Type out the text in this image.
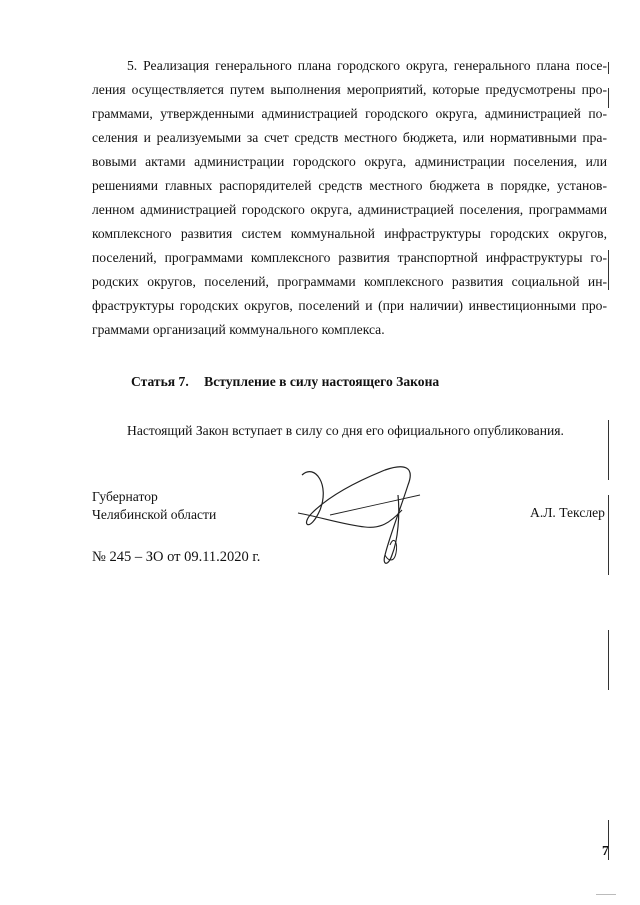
5. Реализация генерального плана городского округа, генерального плана посе-
ления осуществляется путем выполнения мероприятий, которые предусмотрены про-
граммами, утвержденными администрацией городского округа, администрацией по-
селения и реализуемыми за счет средств местного бюджета, или нормативными пра-
вовыми актами администрации городского округа, администрации поселения, или
решениями главных распорядителей средств местного бюджета в порядке, установ-
ленном администрацией городского округа, администрацией поселения, программами
комплексного развития систем коммунальной инфраструктуры городских округов,
поселений, программами комплексного развития транспортной инфраструктуры го-
родских округов, поселений, программами комплексного развития социальной ин-
фраструктуры городских округов, поселений и (при наличии) инвестиционными про-
граммами организаций коммунального комплекса.
Статья 7. Вступление в силу настоящего Закона
Настоящий Закон вступает в силу со дня его официального опубликования.
Губернатор
Челябинской области	А.Л. Текслер
№ 245 – ЗО от 09.11.2020 г.
7
